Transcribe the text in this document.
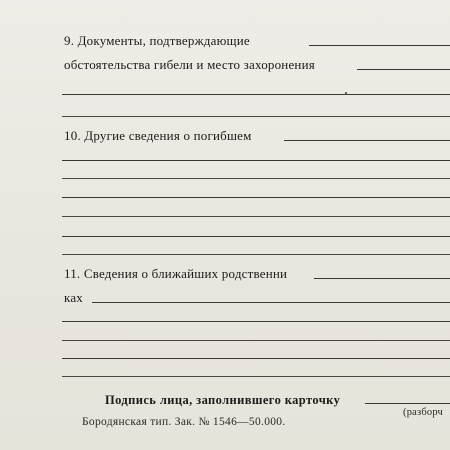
9. Документы, подтверждающие
обстоятельства гибели и место захоронения
10. Другие сведения о погибшем
11. Сведения о ближайших родственни
ках
Подпись лица, заполнившего карточку
(разборч
Бородянская тип. Зак. № 1546—50.000.
